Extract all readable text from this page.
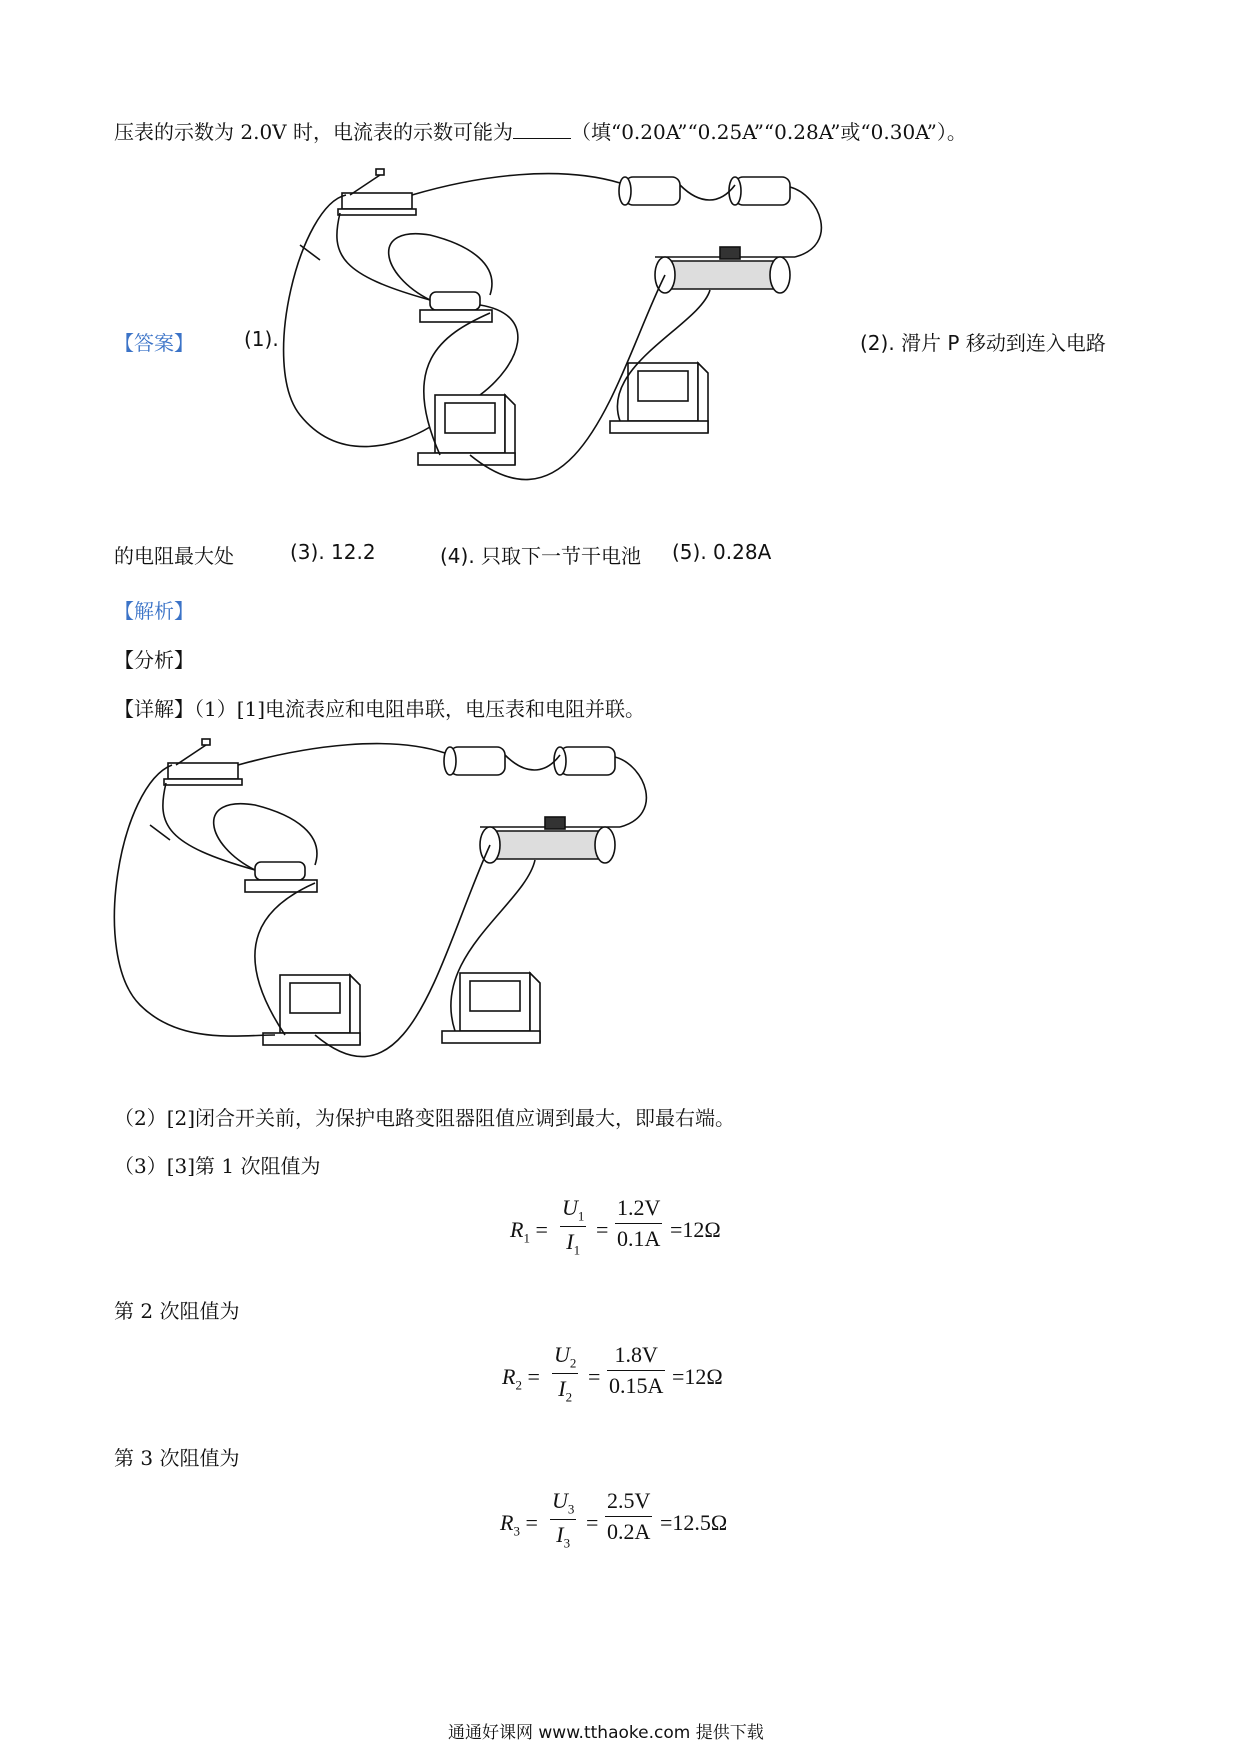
压表的示数为 2.0V 时，电流表的示数可能为	（填“0.20A”“0.25A”“0.28A”或“0.30A”）。
【答案】	(1).	(2). 滑片 P 移动到连入电路
的电阻最大处	(3). 12.2	(4). 只取下一节干电池 (5). 0.28A
【解析】
【分析】
【详解】（1）[1]电流表应和电阻串联，电压表和电阻并联。
（2）[2]闭合开关前，为保护电路变阻器阻值应调到最大，即最右端。
（3）[3]第 1 次阻值为
$R_1$ =
$U_1$
$I_1$
=
1.2V
0.1A =12Ω
第 2 次阻值为
$R_2$ =
$U_2$
$I_2$
=
1.8V
0.15A =12Ω
第 3 次阻值为
$R_3$ =
$U_3$
$I_3$
=
2.5V
0.2A =12.5Ω
通通好课网 www.tthaoke.com 提供下载
